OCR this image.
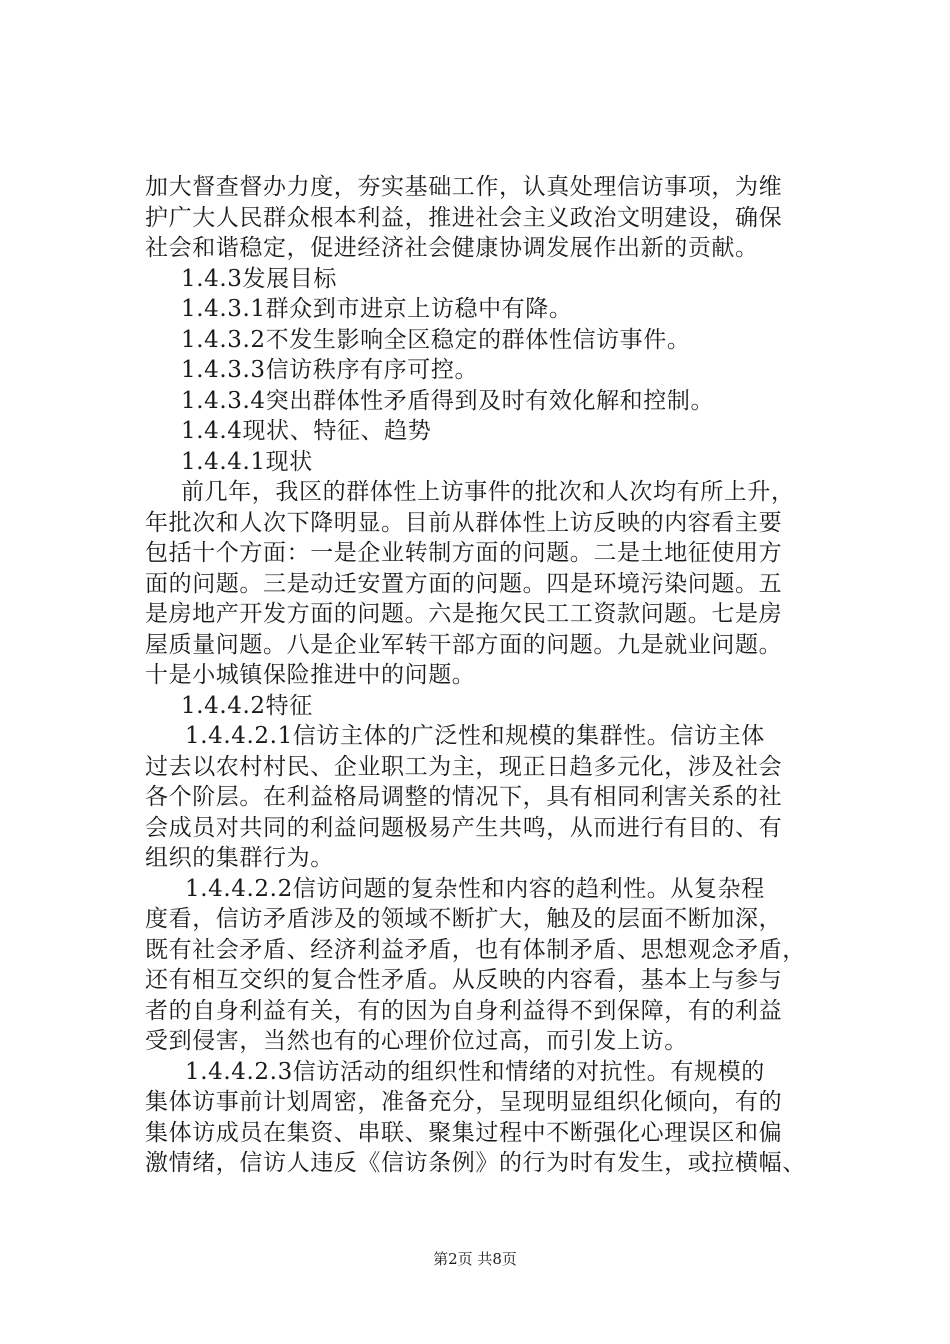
加大督查督办力度，夯实基础工作，认真处理信访事项，为维
护广大人民群众根本利益，推进社会主义政治文明建设，确保
社会和谐稳定，促进经济社会健康协调发展作出新的贡献。
1.4.3发展目标
1.4.3.1群众到市进京上访稳中有降。
1.4.3.2不发生影响全区稳定的群体性信访事件。
1.4.3.3信访秩序有序可控。
1.4.3.4突出群体性矛盾得到及时有效化解和控制。
1.4.4现状、特征、趋势
1.4.4.1现状
前几年，我区的群体性上访事件的批次和人次均有所上升，
年批次和人次下降明显。目前从群体性上访反映的内容看主要
包括十个方面：一是企业转制方面的问题。二是土地征使用方
面的问题。三是动迁安置方面的问题。四是环境污染问题。五
是房地产开发方面的问题。六是拖欠民工工资款问题。七是房
屋质量问题。八是企业军转干部方面的问题。九是就业问题。
十是小城镇保险推进中的问题。
1.4.4.2特征
1.4.4.2.1信访主体的广泛性和规模的集群性。信访主体
过去以农村村民、企业职工为主，现正日趋多元化，涉及社会
各个阶层。在利益格局调整的情况下，具有相同利害关系的社
会成员对共同的利益问题极易产生共鸣，从而进行有目的、有
组织的集群行为。
1.4.4.2.2信访问题的复杂性和内容的趋利性。从复杂程
度看，信访矛盾涉及的领域不断扩大，触及的层面不断加深，
既有社会矛盾、经济利益矛盾，也有体制矛盾、思想观念矛盾，
还有相互交织的复合性矛盾。从反映的内容看，基本上与参与
者的自身利益有关，有的因为自身利益得不到保障，有的利益
受到侵害，当然也有的心理价位过高，而引发上访。
1.4.4.2.3信访活动的组织性和情绪的对抗性。有规模的
集体访事前计划周密，准备充分，呈现明显组织化倾向，有的
集体访成员在集资、串联、聚集过程中不断强化心理误区和偏
激情绪，信访人违反《信访条例》的行为时有发生，或拉横幅、
第2页 共8页
